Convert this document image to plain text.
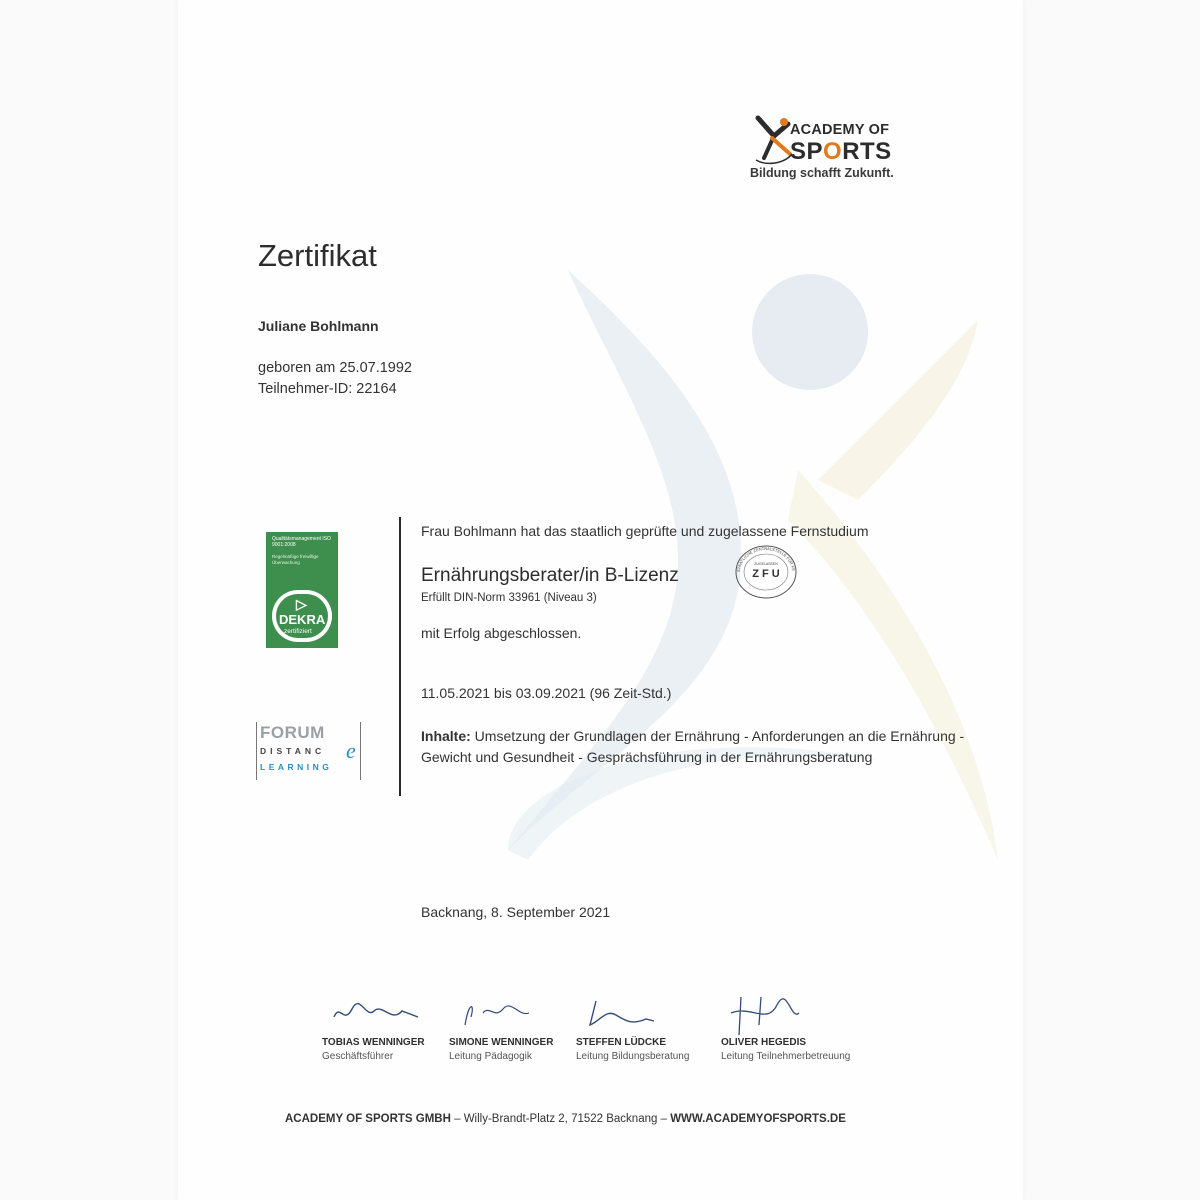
ACADEMY OF
SPORTS
Bildung schafft Zukunft.
Zertifikat
Juliane Bohlmann
geboren am 25.07.1992
Teilnehmer-ID: 22164
Qualitätsmanagement ISO 9001:2008
Regelmäßige freiwillige Überwachung
▷
DEKRA
zertifiziert
FORUM
DISTANC e
LEARNING
Frau Bohlmann hat das staatlich geprüfte und zugelassene Fernstudium
Ernährungsberater/in B-Lizenz
Erfüllt DIN-Norm 33961 (Niveau 3)
STAATLICHE ZENTRALSTELLE FÜR FE
ZUGELASSEN
Z F U
mit Erfolg abgeschlossen.
11.05.2021 bis 03.09.2021 (96 Zeit-Std.)
Inhalte: Umsetzung der Grundlagen der Ernährung - Anforderungen an die Ernährung - Gewicht und Gesundheit - Gesprächsführung in der Ernährungsberatung
Backnang, 8. September 2021
TOBIAS WENNINGER
Geschäftsführer
SIMONE WENNINGER
Leitung Pädagogik
STEFFEN LÜDCKE
Leitung Bildungsberatung
OLIVER HEGEDIS
Leitung Teilnehmerbetreuung
ACADEMY OF SPORTS GMBH – Willy-Brandt-Platz 2, 71522 Backnang – WWW.ACADEMYOFSPORTS.DE
